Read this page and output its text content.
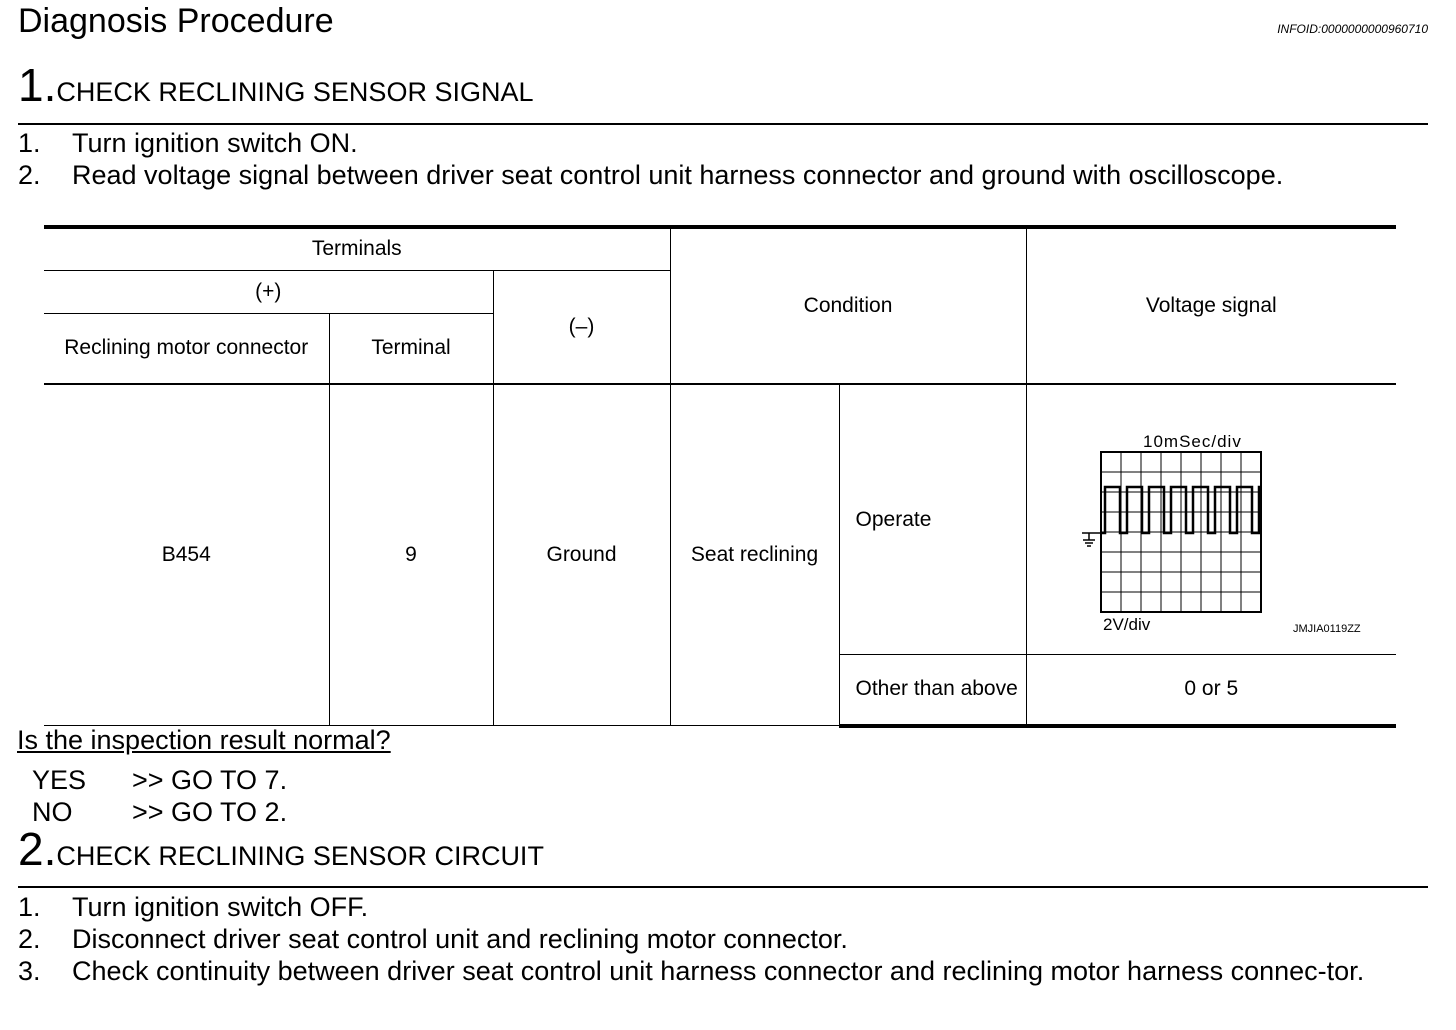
Diagnosis Procedure	INFOID:0000000000960710
1.CHECK RECLINING SENSOR SIGNAL
1.	Turn ignition switch ON.
2.	Read voltage signal between driver seat control unit harness connector and ground with oscilloscope.
Terminals			Condition		Voltage signal
(+)		(–)			
Reclining motor connector	Terminal				
B454	9	Ground	Seat reclining	Operate	10mSec/div
2V/div JMJIA0119ZZ

				Other than above	0 or 5
Is the inspection result normal?
YES	>> GO TO 7.
NO	>> GO TO 2.
2.CHECK RECLINING SENSOR CIRCUIT
1.	Turn ignition switch OFF.
2.	Disconnect driver seat control unit and reclining motor connector.
3.	Check continuity between driver seat control unit harness connector and reclining motor harness connec-tor.
